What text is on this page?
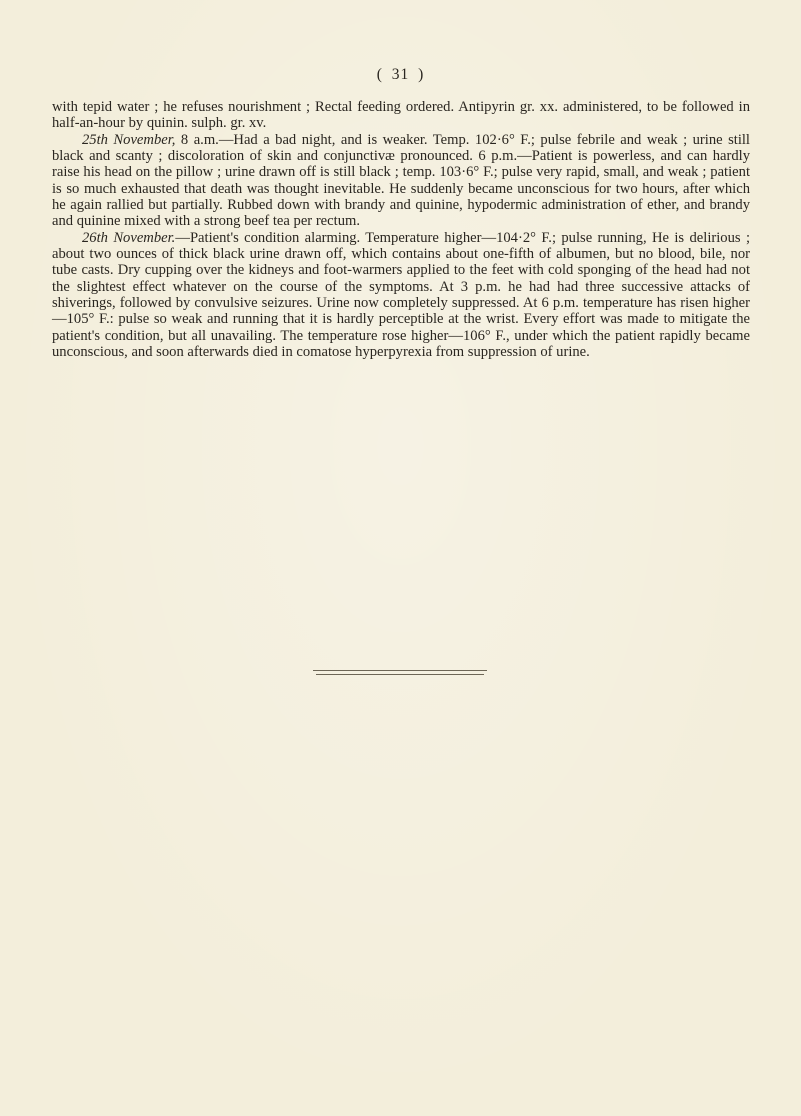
( 31 )

with tepid water ; he refuses nourishment ; Rectal feeding ordered. Antipyrin gr. xx. administered, to be followed in half-an-hour by quinin. sulph. gr. xv.

25th November, 8 a.m.—Had a bad night, and is weaker. Temp. 102·6° F.; pulse febrile and weak ; urine still black and scanty ; discoloration of skin and conjunctivæ pronounced. 6 p.m.—Patient is powerless, and can hardly raise his head on the pillow ; urine drawn off is still black ; temp. 103·6° F.; pulse very rapid, small, and weak ; patient is so much exhausted that death was thought inevitable. He suddenly became unconscious for two hours, after which he again rallied but partially. Rubbed down with brandy and quinine, hypodermic administration of ether, and brandy and quinine mixed with a strong beef tea per rectum.

26th November.—Patient's condition alarming. Temperature higher—104·2° F.; pulse running, He is delirious ; about two ounces of thick black urine drawn off, which contains about one-fifth of albumen, but no blood, bile, nor tube casts. Dry cupping over the kidneys and foot-warmers applied to the feet with cold sponging of the head had not the slightest effect whatever on the course of the symptoms. At 3 p.m. he had had three successive attacks of shiverings, followed by convulsive seizures. Urine now completely suppressed. At 6 p.m. temperature has risen higher—105° F.: pulse so weak and running that it is hardly perceptible at the wrist. Every effort was made to mitigate the patient's condition, but all unavailing. The temperature rose higher—106° F., under which the patient rapidly became unconscious, and soon afterwards died in comatose hyperpyrexia from suppression of urine.
